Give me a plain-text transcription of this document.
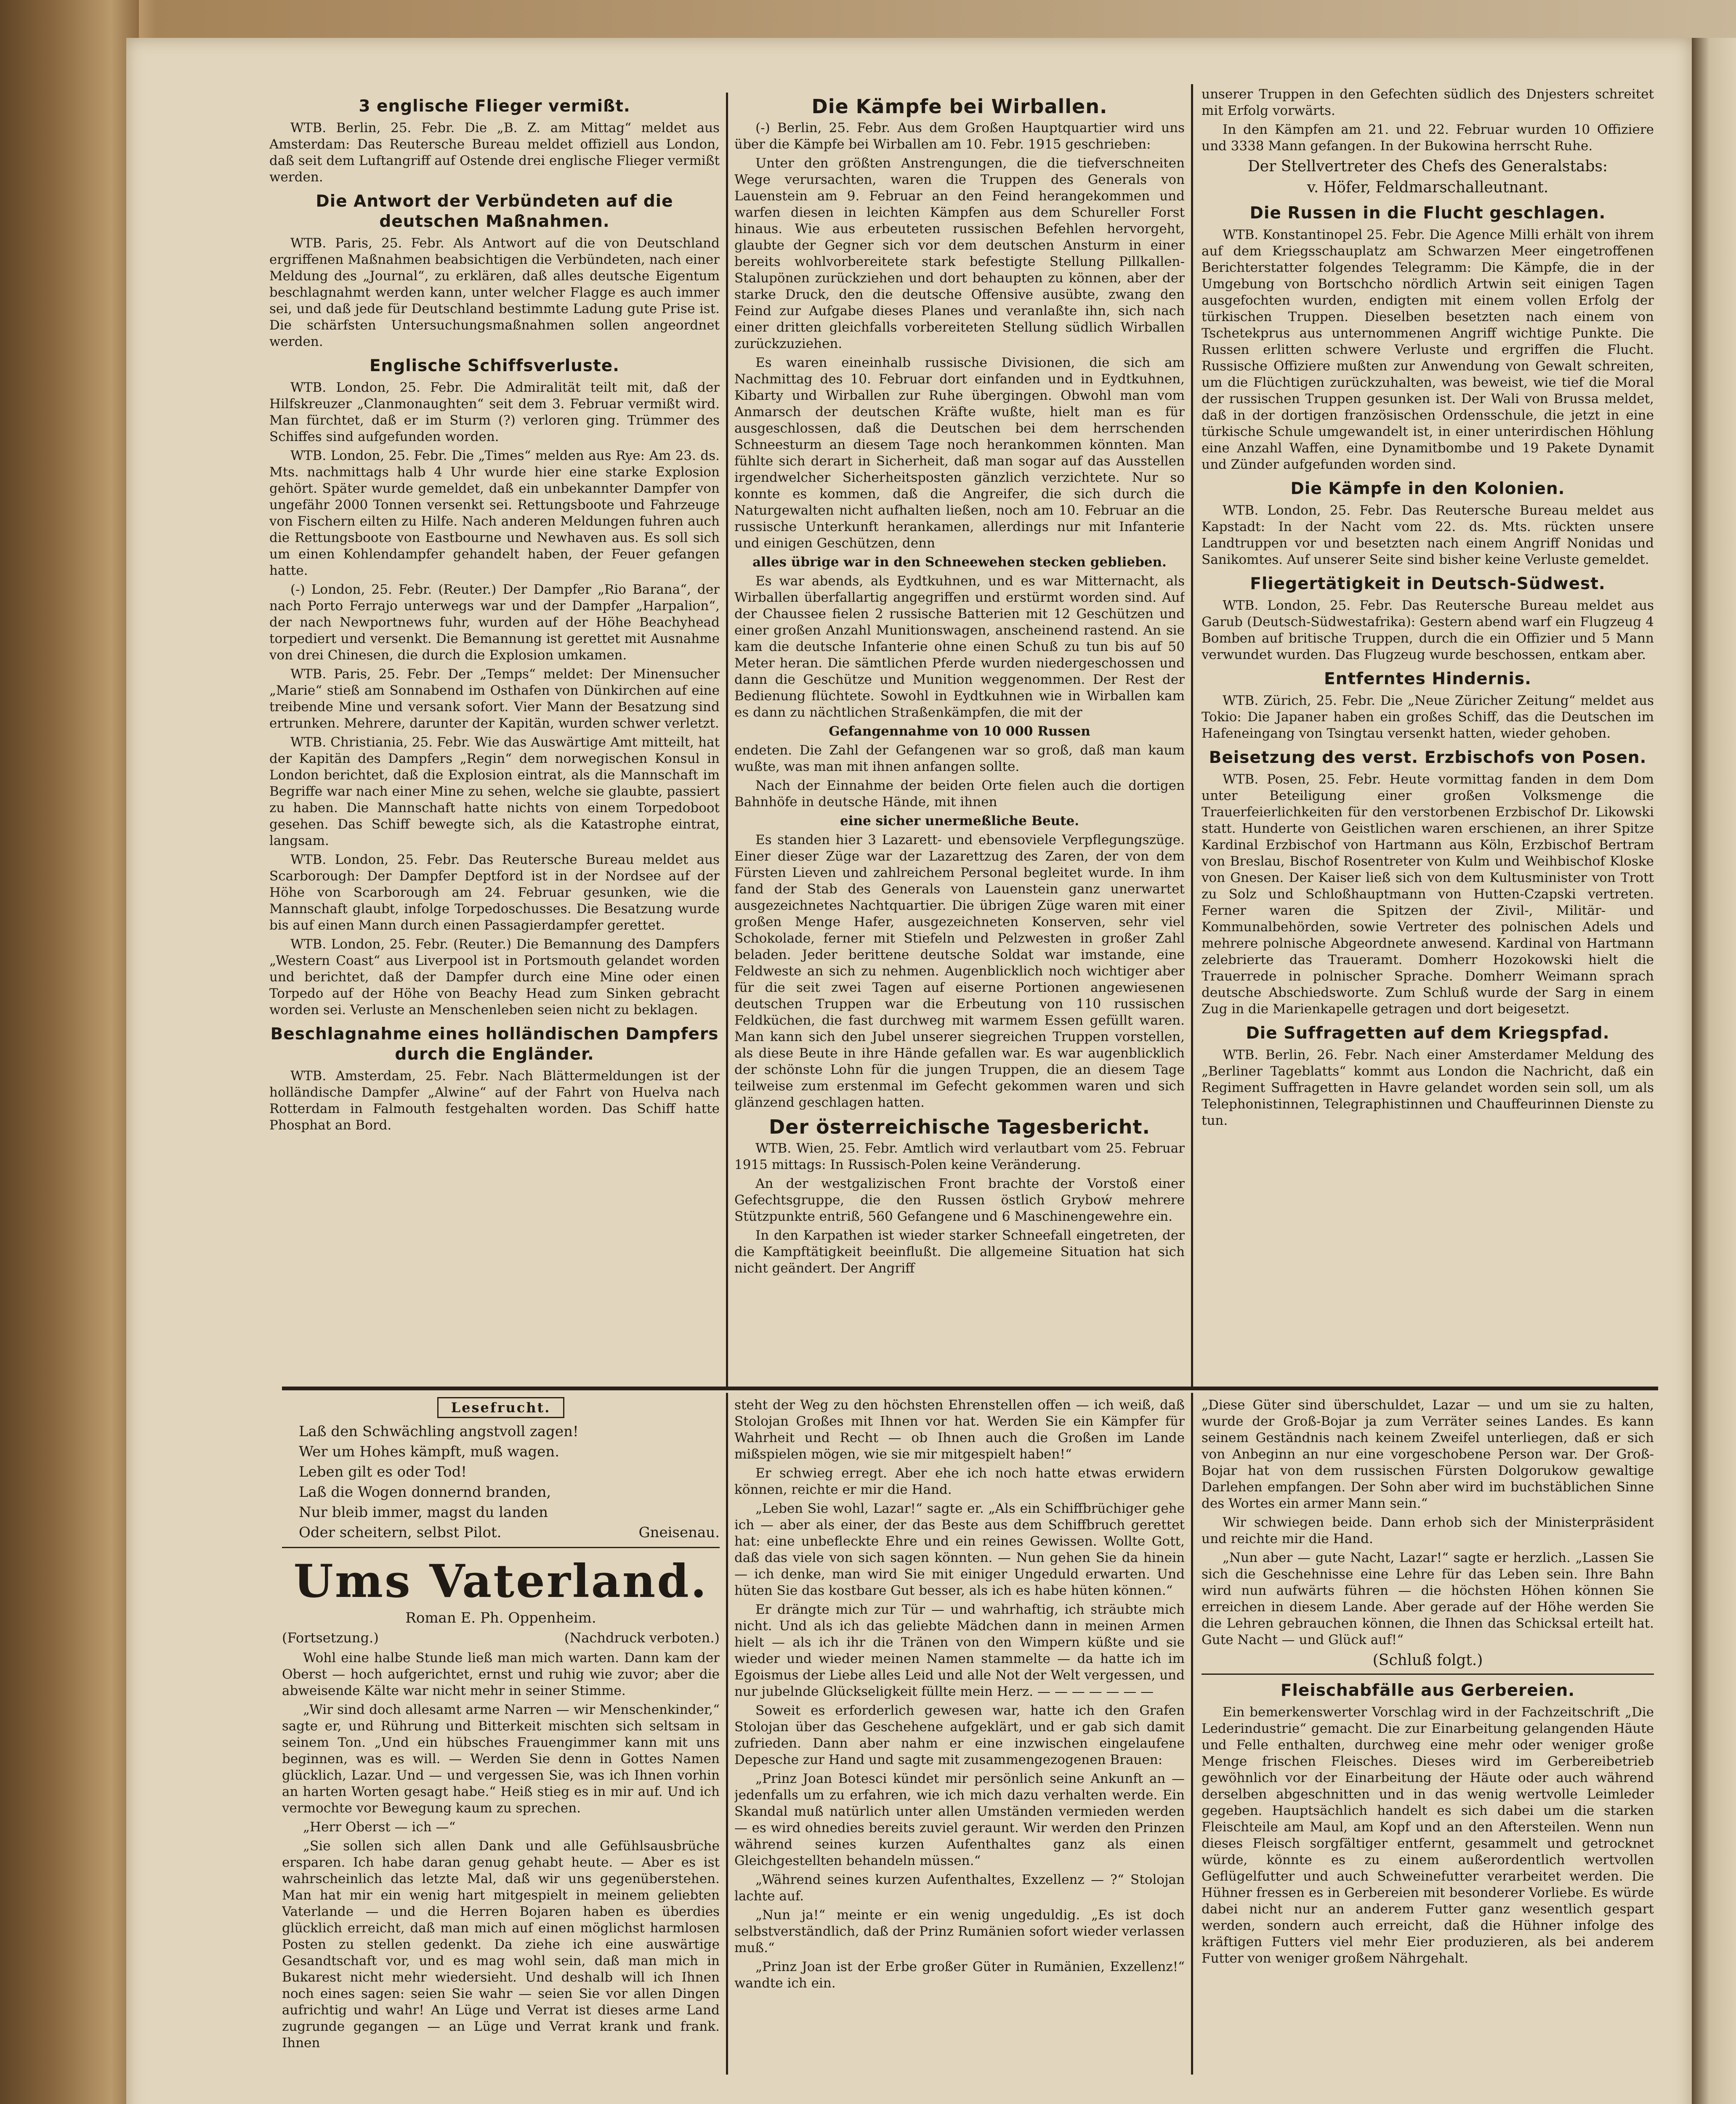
3 englische Flieger vermißt.

WTB. Berlin, 25. Febr. Die „B. Z. am Mittag“ meldet aus Amsterdam: Das Reutersche Bureau meldet offiziell aus London, daß seit dem Luftangriff auf Ostende drei englische Flieger vermißt werden.

Die Antwort der Verbündeten auf die deutschen Maßnahmen.

WTB. Paris, 25. Febr. Als Antwort auf die von Deutschland ergriffenen Maßnahmen beabsichtigen die Verbündeten, nach einer Meldung des „Journal“, zu erklären, daß alles deutsche Eigentum beschlagnahmt werden kann, unter welcher Flagge es auch immer sei, und daß jede für Deutschland bestimmte Ladung gute Prise ist. Die schärfsten Untersuchungsmaßnahmen sollen angeordnet werden.

Englische Schiffsverluste.

WTB. London, 25. Febr. Die Admiralität teilt mit, daß der Hilfskreuzer „Clanmonaughten“ seit dem 3. Februar vermißt wird. Man fürchtet, daß er im Sturm (?) verloren ging. Trümmer des Schiffes sind aufgefunden worden.

WTB. London, 25. Febr. Die „Times“ melden aus Rye: Am 23. ds. Mts. nachmittags halb 4 Uhr wurde hier eine starke Explosion gehört. Später wurde gemeldet, daß ein unbekannter Dampfer von ungefähr 2000 Tonnen versenkt sei. Rettungsboote und Fahrzeuge von Fischern eilten zu Hilfe. Nach anderen Meldungen fuhren auch die Rettungsboote von Eastbourne und Newhaven aus. Es soll sich um einen Kohlendampfer gehandelt haben, der Feuer gefangen hatte.

(-) London, 25. Febr. (Reuter.) Der Dampfer „Rio Barana“, der nach Porto Ferrajo unterwegs war und der Dampfer „Harpalion“, der nach Newportnews fuhr, wurden auf der Höhe Beachyhead torpediert und versenkt. Die Bemannung ist gerettet mit Ausnahme von drei Chinesen, die durch die Explosion umkamen.

WTB. Paris, 25. Febr. Der „Temps“ meldet: Der Minensucher „Marie“ stieß am Sonnabend im Osthafen von Dünkirchen auf eine treibende Mine und versank sofort. Vier Mann der Besatzung sind ertrunken. Mehrere, darunter der Kapitän, wurden schwer verletzt.

WTB. Christiania, 25. Febr. Wie das Auswärtige Amt mitteilt, hat der Kapitän des Dampfers „Regin“ dem norwegischen Konsul in London berichtet, daß die Explosion eintrat, als die Mannschaft im Begriffe war nach einer Mine zu sehen, welche sie glaubte, passiert zu haben. Die Mannschaft hatte nichts von einem Torpedoboot gesehen. Das Schiff bewegte sich, als die Katastrophe eintrat, langsam.

WTB. London, 25. Febr. Das Reutersche Bureau meldet aus Scarborough: Der Dampfer Deptford ist in der Nordsee auf der Höhe von Scarborough am 24. Februar gesunken, wie die Mannschaft glaubt, infolge Torpedoschusses. Die Besatzung wurde bis auf einen Mann durch einen Passagierdampfer gerettet.

WTB. London, 25. Febr. (Reuter.) Die Bemannung des Dampfers „Western Coast“ aus Liverpool ist in Portsmouth gelandet worden und berichtet, daß der Dampfer durch eine Mine oder einen Torpedo auf der Höhe von Beachy Head zum Sinken gebracht worden sei. Verluste an Menschenleben seien nicht zu beklagen.

Beschlagnahme eines holländischen Dampfers durch die Engländer.

WTB. Amsterdam, 25. Febr. Nach Blättermeldungen ist der holländische Dampfer „Alwine“ auf der Fahrt von Huelva nach Rotterdam in Falmouth festgehalten worden. Das Schiff hatte Phosphat an Bord.

Die Kämpfe bei Wirballen.

(-) Berlin, 25. Febr. Aus dem Großen Hauptquartier wird uns über die Kämpfe bei Wirballen am 10. Febr. 1915 geschrieben:

Unter den größten Anstrengungen, die die tiefverschneiten Wege verursachten, waren die Truppen des Generals von Lauenstein am 9. Februar an den Feind herangekommen und warfen diesen in leichten Kämpfen aus dem Schureller Forst hinaus. Wie aus erbeuteten russischen Befehlen hervorgeht, glaubte der Gegner sich vor dem deutschen Ansturm in einer bereits wohlvorbereitete stark befestigte Stellung Pillkallen-Stalupönen zurückziehen und dort behaupten zu können, aber der starke Druck, den die deutsche Offensive ausübte, zwang den Feind zur Aufgabe dieses Planes und veranlaßte ihn, sich nach einer dritten gleichfalls vorbereiteten Stellung südlich Wirballen zurückzuziehen.

Es waren eineinhalb russische Divisionen, die sich am Nachmittag des 10. Februar dort einfanden und in Eydtkuhnen, Kibarty und Wirballen zur Ruhe übergingen. Obwohl man vom Anmarsch der deutschen Kräfte wußte, hielt man es für ausgeschlossen, daß die Deutschen bei dem herrschenden Schneesturm an diesem Tage noch herankommen könnten. Man fühlte sich derart in Sicherheit, daß man sogar auf das Ausstellen irgendwelcher Sicherheitsposten gänzlich verzichtete. Nur so konnte es kommen, daß die Angreifer, die sich durch die Naturgewalten nicht aufhalten ließen, noch am 10. Februar an die russische Unterkunft herankamen, allerdings nur mit Infanterie und einigen Geschützen, denn

alles übrige war in den Schneewehen stecken geblieben.

Es war abends, als Eydtkuhnen, und es war Mitternacht, als Wirballen überfallartig angegriffen und erstürmt worden sind. Auf der Chaussee fielen 2 russische Batterien mit 12 Geschützen und einer großen Anzahl Munitionswagen, anscheinend rastend. An sie kam die deutsche Infanterie ohne einen Schuß zu tun bis auf 50 Meter heran. Die sämtlichen Pferde wurden niedergeschossen und dann die Geschütze und Munition weggenommen. Der Rest der Bedienung flüchtete. Sowohl in Eydtkuhnen wie in Wirballen kam es dann zu nächtlichen Straßenkämpfen, die mit der

Gefangennahme von 10 000 Russen

endeten. Die Zahl der Gefangenen war so groß, daß man kaum wußte, was man mit ihnen anfangen sollte.

Nach der Einnahme der beiden Orte fielen auch die dortigen Bahnhöfe in deutsche Hände, mit ihnen

eine sicher unermeßliche Beute.

Es standen hier 3 Lazarett- und ebensoviele Verpflegungszüge. Einer dieser Züge war der Lazarettzug des Zaren, der von dem Fürsten Lieven und zahlreichem Personal begleitet wurde. In ihm fand der Stab des Generals von Lauenstein ganz unerwartet ausgezeichnetes Nachtquartier. Die übrigen Züge waren mit einer großen Menge Hafer, ausgezeichneten Konserven, sehr viel Schokolade, ferner mit Stiefeln und Pelzwesten in großer Zahl beladen. Jeder berittene deutsche Soldat war imstande, eine Feldweste an sich zu nehmen. Augenblicklich noch wichtiger aber für die seit zwei Tagen auf eiserne Portionen angewiesenen deutschen Truppen war die Erbeutung von 110 russischen Feldküchen, die fast durchweg mit warmem Essen gefüllt waren. Man kann sich den Jubel unserer siegreichen Truppen vorstellen, als diese Beute in ihre Hände gefallen war. Es war augenblicklich der schönste Lohn für die jungen Truppen, die an diesem Tage teilweise zum erstenmal im Gefecht gekommen waren und sich glänzend geschlagen hatten.

Der österreichische Tagesbericht.

WTB. Wien, 25. Febr. Amtlich wird verlautbart vom 25. Februar 1915 mittags: In Russisch-Polen keine Veränderung.

An der westgalizischen Front brachte der Vorstoß einer Gefechtsgruppe, die den Russen östlich Gryboẃ mehrere Stützpunkte entriß, 560 Gefangene und 6 Maschinengewehre ein.

In den Karpathen ist wieder starker Schneefall eingetreten, der die Kampftätigkeit beeinflußt. Die allgemeine Situation hat sich nicht geändert. Der Angriff

unserer Truppen in den Gefechten südlich des Dnjesters schreitet mit Erfolg vorwärts.

In den Kämpfen am 21. und 22. Februar wurden 10 Offiziere und 3338 Mann gefangen. In der Bukowina herrscht Ruhe.

Der Stellvertreter des Chefs des Generalstabs:
v. Höfer, Feldmarschalleutnant.
Die Russen in die Flucht geschlagen.

WTB. Konstantinopel 25. Febr. Die Agence Milli erhält von ihrem auf dem Kriegsschauplatz am Schwarzen Meer eingetroffenen Berichterstatter folgendes Telegramm: Die Kämpfe, die in der Umgebung von Bortschcho nördlich Artwin seit einigen Tagen ausgefochten wurden, endigten mit einem vollen Erfolg der türkischen Truppen. Dieselben besetzten nach einem von Tschetekprus aus unternommenen Angriff wichtige Punkte. Die Russen erlitten schwere Verluste und ergriffen die Flucht. Russische Offiziere mußten zur Anwendung von Gewalt schreiten, um die Flüchtigen zurückzuhalten, was beweist, wie tief die Moral der russischen Truppen gesunken ist. Der Wali von Brussa meldet, daß in der dortigen französischen Ordensschule, die jetzt in eine türkische Schule umgewandelt ist, in einer unterirdischen Höhlung eine Anzahl Waffen, eine Dynamitbombe und 19 Pakete Dynamit und Zünder aufgefunden worden sind.

Die Kämpfe in den Kolonien.

WTB. London, 25. Febr. Das Reutersche Bureau meldet aus Kapstadt: In der Nacht vom 22. ds. Mts. rückten unsere Landtruppen vor und besetzten nach einem Angriff Nonidas und Sanikomtes. Auf unserer Seite sind bisher keine Verluste gemeldet.

Fliegertätigkeit in Deutsch-Südwest.

WTB. London, 25. Febr. Das Reutersche Bureau meldet aus Garub (Deutsch-Südwestafrika): Gestern abend warf ein Flugzeug 4 Bomben auf britische Truppen, durch die ein Offizier und 5 Mann verwundet wurden. Das Flugzeug wurde beschossen, entkam aber.

Entferntes Hindernis.

WTB. Zürich, 25. Febr. Die „Neue Züricher Zeitung“ meldet aus Tokio: Die Japaner haben ein großes Schiff, das die Deutschen im Hafeneingang von Tsingtau versenkt hatten, wieder gehoben.

Beisetzung des verst. Erzbischofs von Posen.

WTB. Posen, 25. Febr. Heute vormittag fanden in dem Dom unter Beteiligung einer großen Volksmenge die Trauerfeierlichkeiten für den verstorbenen Erzbischof Dr. Likowski statt. Hunderte von Geistlichen waren erschienen, an ihrer Spitze Kardinal Erzbischof von Hartmann aus Köln, Erzbischof Bertram von Breslau, Bischof Rosentreter von Kulm und Weihbischof Kloske von Gnesen. Der Kaiser ließ sich von dem Kultusminister von Trott zu Solz und Schloßhauptmann von Hutten-Czapski vertreten. Ferner waren die Spitzen der Zivil-, Militär- und Kommunalbehörden, sowie Vertreter des polnischen Adels und mehrere polnische Abgeordnete anwesend. Kardinal von Hartmann zelebrierte das Traueramt. Domherr Hozokowski hielt die Trauerrede in polnischer Sprache. Domherr Weimann sprach deutsche Abschiedsworte. Zum Schluß wurde der Sarg in einem Zug in die Marienkapelle getragen und dort beigesetzt.

Die Suffragetten auf dem Kriegspfad.

WTB. Berlin, 26. Febr. Nach einer Amsterdamer Meldung des „Berliner Tageblatts“ kommt aus London die Nachricht, daß ein Regiment Suffragetten in Havre gelandet worden sein soll, um als Telephonistinnen, Telegraphistinnen und Chauffeurinnen Dienste zu tun.

Lesefrucht.

Laß den Schwächling angstvoll zagen!

Wer um Hohes kämpft, muß wagen.

Leben gilt es oder Tod!

Laß die Wogen donnernd branden,

Nur bleib immer, magst du landen

Oder scheitern, selbst Pilot.	Gneisenau.

Ums Vaterland.
Roman E. Ph. Oppenheim.
(Fortsetzung.)	(Nachdruck verboten.)

Wohl eine halbe Stunde ließ man mich warten. Dann kam der Oberst — hoch aufgerichtet, ernst und ruhig wie zuvor; aber die abweisende Kälte war nicht mehr in seiner Stimme.

„Wir sind doch allesamt arme Narren — wir Menschenkinder,“ sagte er, und Rührung und Bitterkeit mischten sich seltsam in seinem Ton. „Und ein hübsches Frauengimmer kann mit uns beginnen, was es will. — Werden Sie denn in Gottes Namen glücklich, Lazar. Und — und vergessen Sie, was ich Ihnen vorhin an harten Worten gesagt habe.“ Heiß stieg es in mir auf. Und ich vermochte vor Bewegung kaum zu sprechen.

„Herr Oberst — ich —“

„Sie sollen sich allen Dank und alle Gefühlsausbrüche ersparen. Ich habe daran genug gehabt heute. — Aber es ist wahrscheinlich das letzte Mal, daß wir uns gegenüberstehen. Man hat mir ein wenig hart mitgespielt in meinem geliebten Vaterlande — und die Herren Bojaren haben es überdies glücklich erreicht, daß man mich auf einen möglichst harmlosen Posten zu stellen gedenkt. Da ziehe ich eine auswärtige Gesandtschaft vor, und es mag wohl sein, daß man mich in Bukarest nicht mehr wiedersieht. Und deshalb will ich Ihnen noch eines sagen: seien Sie wahr — seien Sie vor allen Dingen aufrichtig und wahr! An Lüge und Verrat ist dieses arme Land zugrunde gegangen — an Lüge und Verrat krank und frank. Ihnen

steht der Weg zu den höchsten Ehrenstellen offen — ich weiß, daß Stolojan Großes mit Ihnen vor hat. Werden Sie ein Kämpfer für Wahrheit und Recht — ob Ihnen auch die Großen im Lande mißspielen mögen, wie sie mir mitgespielt haben!“

Er schwieg erregt. Aber ehe ich noch hatte etwas erwidern können, reichte er mir die Hand.

„Leben Sie wohl, Lazar!“ sagte er. „Als ein Schiffbrüchiger gehe ich — aber als einer, der das Beste aus dem Schiffbruch gerettet hat: eine unbefleckte Ehre und ein reines Gewissen. Wollte Gott, daß das viele von sich sagen könnten. — Nun gehen Sie da hinein — ich denke, man wird Sie mit einiger Ungeduld erwarten. Und hüten Sie das kostbare Gut besser, als ich es habe hüten können.“

Er drängte mich zur Tür — und wahrhaftig, ich sträubte mich nicht. Und als ich das geliebte Mädchen dann in meinen Armen hielt — als ich ihr die Tränen von den Wimpern küßte und sie wieder und wieder meinen Namen stammelte — da hatte ich im Egoismus der Liebe alles Leid und alle Not der Welt vergessen, und nur jubelnde Glückseligkeit füllte mein Herz. — — — — — — —

Soweit es erforderlich gewesen war, hatte ich den Grafen Stolojan über das Geschehene aufgeklärt, und er gab sich damit zufrieden. Dann aber nahm er eine inzwischen eingelaufene Depesche zur Hand und sagte mit zusammengezogenen Brauen:

„Prinz Joan Botesci kündet mir persönlich seine Ankunft an — jedenfalls um zu erfahren, wie ich mich dazu verhalten werde. Ein Skandal muß natürlich unter allen Umständen vermieden werden — es wird ohnedies bereits zuviel geraunt. Wir werden den Prinzen während seines kurzen Aufenthaltes ganz als einen Gleichgestellten behandeln müssen.“

„Während seines kurzen Aufenthaltes, Exzellenz — ?“ Stolojan lachte auf.

„Nun ja!“ meinte er ein wenig ungeduldig. „Es ist doch selbstverständlich, daß der Prinz Rumänien sofort wieder verlassen muß.“

„Prinz Joan ist der Erbe großer Güter in Rumänien, Exzellenz!“ wandte ich ein.

„Diese Güter sind überschuldet, Lazar — und um sie zu halten, wurde der Groß-Bojar ja zum Verräter seines Landes. Es kann seinem Geständnis nach keinem Zweifel unterliegen, daß er sich von Anbeginn an nur eine vorgeschobene Person war. Der Groß-Bojar hat von dem russischen Fürsten Dolgorukow gewaltige Darlehen empfangen. Der Sohn aber wird im buchstäblichen Sinne des Wortes ein armer Mann sein.“

Wir schwiegen beide. Dann erhob sich der Ministerpräsident und reichte mir die Hand.

„Nun aber — gute Nacht, Lazar!“ sagte er herzlich. „Lassen Sie sich die Geschehnisse eine Lehre für das Leben sein. Ihre Bahn wird nun aufwärts führen — die höchsten Höhen können Sie erreichen in diesem Lande. Aber gerade auf der Höhe werden Sie die Lehren gebrauchen können, die Ihnen das Schicksal erteilt hat. Gute Nacht — und Glück auf!“

(Schluß folgt.)
Fleischabfälle aus Gerbereien.

Ein bemerkenswerter Vorschlag wird in der Fachzeitschrift „Die Lederindustrie“ gemacht. Die zur Einarbeitung gelangenden Häute und Felle enthalten, durchweg eine mehr oder weniger große Menge frischen Fleisches. Dieses wird im Gerbereibetrieb gewöhnlich vor der Einarbeitung der Häute oder auch während derselben abgeschnitten und in das wenig wertvolle Leimleder gegeben. Hauptsächlich handelt es sich dabei um die starken Fleischteile am Maul, am Kopf und an den Aftersteilen. Wenn nun dieses Fleisch sorgfältiger entfernt, gesammelt und getrocknet würde, könnte es zu einem außerordentlich wertvollen Geflügelfutter und auch Schweinefutter verarbeitet werden. Die Hühner fressen es in Gerbereien mit besonderer Vorliebe. Es würde dabei nicht nur an anderem Futter ganz wesentlich gespart werden, sondern auch erreicht, daß die Hühner infolge des kräftigen Futters viel mehr Eier produzieren, als bei anderem Futter von weniger großem Nährgehalt.
